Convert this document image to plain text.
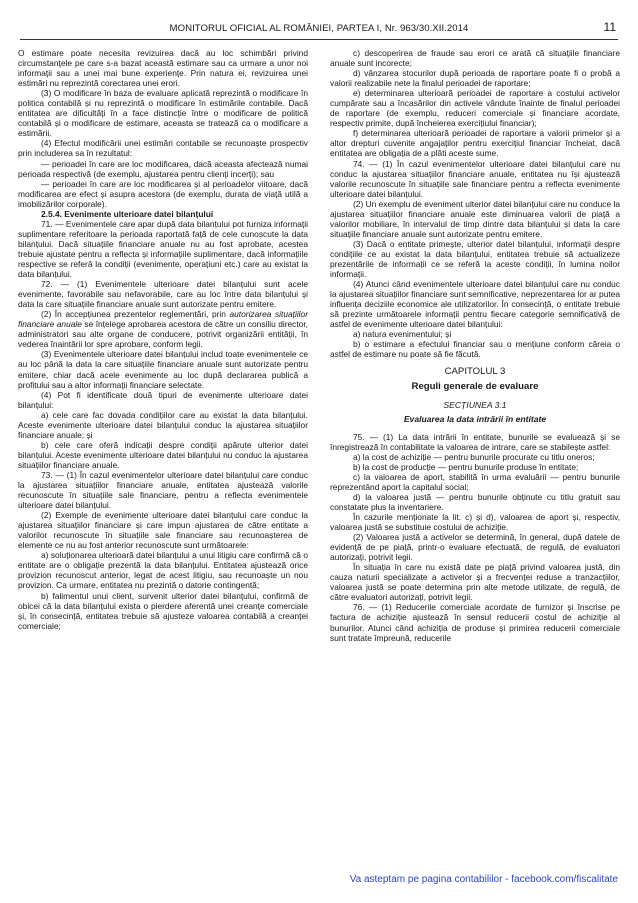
MONITORUL OFICIAL AL ROMÂNIEI, PARTEA I, Nr. 963/30.XII.2014	11

O estimare poate necesita revizuirea dacă au loc schimbări privind circumstanțele pe care s-a bazat această estimare sau ca urmare a unor noi informații sau a unei mai bune experiențe. Prin natura ei, revizuirea unei estimări nu reprezintă corectarea unei erori.

(3) O modificare în baza de evaluare aplicată reprezintă o modificare în politica contabilă și nu reprezintă o modificare în estimările contabile. Dacă entitatea are dificultăți în a face distincție între o modificare de politică contabilă și o modificare de estimare, aceasta se tratează ca o modificare a estimării.

(4) Efectul modificării unei estimări contabile se recunoaște prospectiv prin includerea sa în rezultatul:

— perioadei în care are loc modificarea, dacă aceasta afectează numai perioada respectivă (de exemplu, ajustarea pentru clienți incerți); sau

— perioadei în care are loc modificarea și al perioadelor viitoare, dacă modificarea are efect și asupra acestora (de exemplu, durata de viață utilă a imobilizărilor corporale).

2.5.4. Evenimente ulterioare datei bilanțului

71. — Evenimentele care apar după data bilanțului pot furniza informații suplimentare referitoare la perioada raportată față de cele cunoscute la data bilanțului. Dacă situațiile financiare anuale nu au fost aprobate, acestea trebuie ajustate pentru a reflecta și informațiile suplimentare, dacă informațiile respective se referă la condiții (evenimente, operațiuni etc.) care au existat la data bilanțului.

72. — (1) Evenimentele ulterioare datei bilanțului sunt acele evenimente, favorabile sau nefavorabile, care au loc între data bilanțului și data la care situațiile financiare anuale sunt autorizate pentru emitere.

(2) În accepțiunea prezentelor reglementări, prin autorizarea situațiilor financiare anuale se înțelege aprobarea acestora de către un consiliu director, administratori sau alte organe de conducere, potrivit organizării entității, în vederea înaintării lor spre aprobare, conform legii.

(3) Evenimentele ulterioare datei bilanțului includ toate evenimentele ce au loc până la data la care situațiile financiare anuale sunt autorizate pentru emitere, chiar dacă acele evenimente au loc după declararea publică a profitului sau a altor informații financiare selectate.

(4) Pot fi identificate două tipuri de evenimente ulterioare datei bilanțului:

a) cele care fac dovada condițiilor care au existat la data bilanțului. Aceste evenimente ulterioare datei bilanțului conduc la ajustarea situațiilor financiare anuale; și

b) cele care oferă indicații despre condiții apărute ulterior datei bilanțului. Aceste evenimente ulterioare datei bilanțului nu conduc la ajustarea situațiilor financiare anuale.

73. — (1) În cazul evenimentelor ulterioare datei bilanțului care conduc la ajustarea situațiilor financiare anuale, entitatea ajustează valorile recunoscute în situațiile sale financiare, pentru a reflecta evenimentele ulterioare datei bilanțului.

(2) Exemple de evenimente ulterioare datei bilanțului care conduc la ajustarea situațiilor financiare și care impun ajustarea de către entitate a valorilor recunoscute în situațiile sale financiare sau recunoașterea de elemente ce nu au fost anterior recunoscute sunt următoarele:

a) soluționarea ulterioară datei bilanțului a unui litigiu care confirmă că o entitate are o obligație prezentă la data bilanțului. Entitatea ajustează orice provizion recunoscut anterior, legat de acest litigiu, sau recunoaște un nou provizion. Ca urmare, entitatea nu prezintă o datorie contingentă;

b) falimentul unui client, survenit ulterior datei bilanțului, confirmă de obicei că la data bilanțului exista o pierdere aferentă unei creanțe comerciale și, în consecință, entitatea trebuie să ajusteze valoarea contabilă a creanței comerciale;

c) descoperirea de fraude sau erori ce arată că situațiile financiare anuale sunt incorecte;

d) vânzarea stocurilor după perioada de raportare poate fi o probă a valorii realizabile nete la finalul perioadei de raportare;

e) determinarea ulterioară perioadei de raportare a costului activelor cumpărate sau a încasărilor din activele vândute înainte de finalul perioadei de raportare (de exemplu, reduceri comerciale și financiare acordate, respectiv primite, după încheierea exercițiului financiar);

f) determinarea ulterioară perioadei de raportare a valorii primelor și a altor drepturi cuvenite angajaților pentru exercițiul financiar încheiat, dacă entitatea are obligația de a plăti aceste sume.

74. — (1) În cazul evenimentelor ulterioare datei bilanțului care nu conduc la ajustarea situațiilor financiare anuale, entitatea nu își ajustează valorile recunoscute în situațiile sale financiare pentru a reflecta evenimente ulterioare datei bilanțului.

(2) Un exemplu de eveniment ulterior datei bilanțului care nu conduce la ajustarea situațiilor financiare anuale este diminuarea valorii de piață a valorilor mobiliare, în intervalul de timp dintre data bilanțului și data la care situațiile financiare anuale sunt autorizate pentru emitere.

(3) Dacă o entitate primește, ulterior datei bilanțului, informații despre condițiile ce au existat la data bilanțului, entitatea trebuie să actualizeze prezentările de informații ce se referă la aceste condiții, în lumina noilor informații.

(4) Atunci când evenimentele ulterioare datei bilanțului care nu conduc la ajustarea situațiilor financiare sunt semnificative, neprezentarea lor ar putea influența deciziile economice ale utilizatorilor. În consecință, o entitate trebuie să prezinte următoarele informații pentru fiecare categorie semnificativă de astfel de evenimente ulterioare datei bilanțului:

a) natura evenimentului; și

b) o estimare a efectului financiar sau o mențiune conform căreia o astfel de estimare nu poate să fie făcută.

CAPITOLUL 3

Reguli generale de evaluare

SECȚIUNEA 3.1

Evaluarea la data intrării în entitate

75. — (1) La data intrării în entitate, bunurile se evaluează și se înregistrează în contabilitate la valoarea de intrare, care se stabilește astfel:

a) la cost de achiziție — pentru bunurile procurate cu titlu oneros;

b) la cost de producție — pentru bunurile produse în entitate;

c) la valoarea de aport, stabilită în urma evaluării — pentru bunurile reprezentând aport la capitalul social;

d) la valoarea justă — pentru bunurile obținute cu titlu gratuit sau constatate plus la inventariere.

În cazurile menționate la lit. c) și d), valoarea de aport și, respectiv, valoarea justă se substituie costului de achiziție.

(2) Valoarea justă a activelor se determină, în general, după datele de evidență de pe piață, printr-o evaluare efectuată, de regulă, de evaluatori autorizați, potrivit legii.

În situația în care nu există date pe piață privind valoarea justă, din cauza naturii specializate a activelor și a frecvenței reduse a tranzacțiilor, valoarea justă se poate determina prin alte metode utilizate, de regulă, de către evaluatori autorizați, potrivit legii.

76. — (1) Reducerile comerciale acordate de furnizor și înscrise pe factura de achiziție ajustează în sensul reducerii costul de achiziție al bunurilor. Atunci când achiziția de produse și primirea reducerii comerciale sunt tratate împreună, reducerile

Va asteptam pe pagina contabililor - facebook.com/fiscalitate
